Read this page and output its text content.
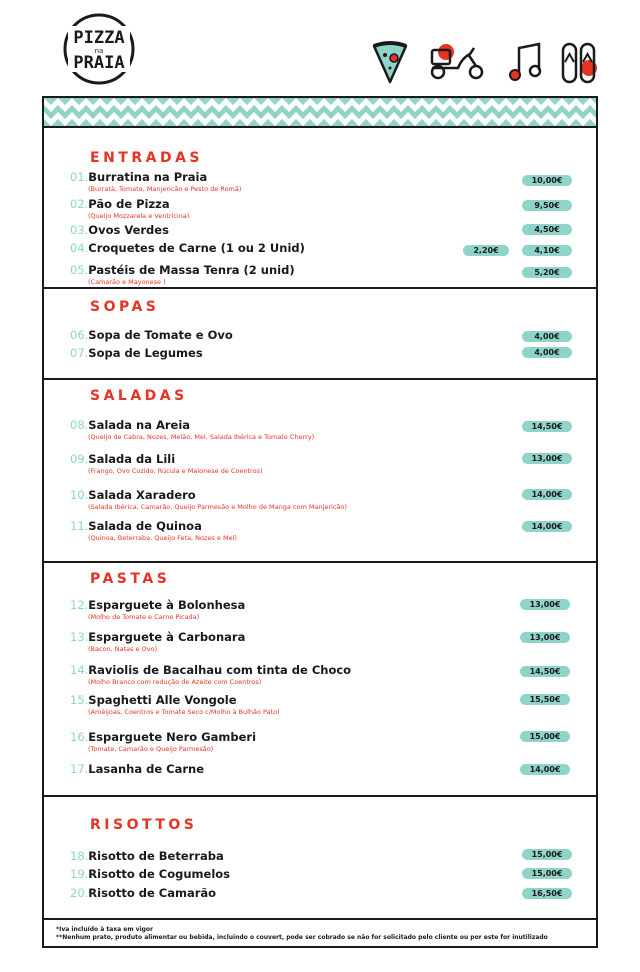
PIZZA
na
PRAIA
ENTRADAS
01.Burratina na Praia
(Burratà, Tomate, Manjericão e Pesto de Romã)
10,00€
02.Pão de Pizza
(Queijo Mozzarela e Ventricina)
9,50€
03.Ovos Verdes	4,50€
04.Croquetes de Carne (1 ou 2 Unid)	2,20€	4,10€
05.Pastéis de Massa Tenra (2 unid)
(Camarão e Mayonese )
5,20€
SOPAS
06.Sopa de Tomate e Ovo	4,00€
07.Sopa de Legumes	4,00€
SALADAS
08.Salada na Areia
(Queijo de Cabra, Nozes, Melão, Mel, Salada Ibérica e Tomate Cherry)
14,50€
09.Salada da Lili
(Frango, Ovo Cozido, Rúcula e Maionese de Coentros)
13,00€
10.Salada Xaradero
(Salada Ibérica, Camarão, Queijo Parmesão e Molho de Manga com Manjericão)
14,00€
11.Salada de Quinoa
(Quinoa, Beterraba, Queijo Feta, Nozes e Mel)
14,00€
PASTAS
12.Esparguete à Bolonhesa
(Molho de Tomate e Carne Picada)
13,00€
13.Esparguete à Carbonara
(Bacon, Natas e Ovo)
13,00€
14.Raviolis de Bacalhau com tinta de Choco
(Molho Branco com redução de Azeite com Coentros)
14,50€
15.Spaghetti Alle Vongole
(Amêijoas, Coentros e Tomate Seco c/Molho à Bulhão Pato)
15,50€
16.Esparguete Nero Gamberi
(Tomate, Camarão e Queijo Parmesão)
15,00€
17.Lasanha de Carne	14,00€
RISOTTOS
18.Risotto de Beterraba	15,00€
19.Risotto de Cogumelos	15,00€
20.Risotto de Camarão	16,50€
*Iva incluído à taxa em vigor
**Nenhum prato, produto alimentar ou bebida, incluindo o couvert, pode ser cobrado se não for solicitado pelo cliente ou por este for inutilizado
